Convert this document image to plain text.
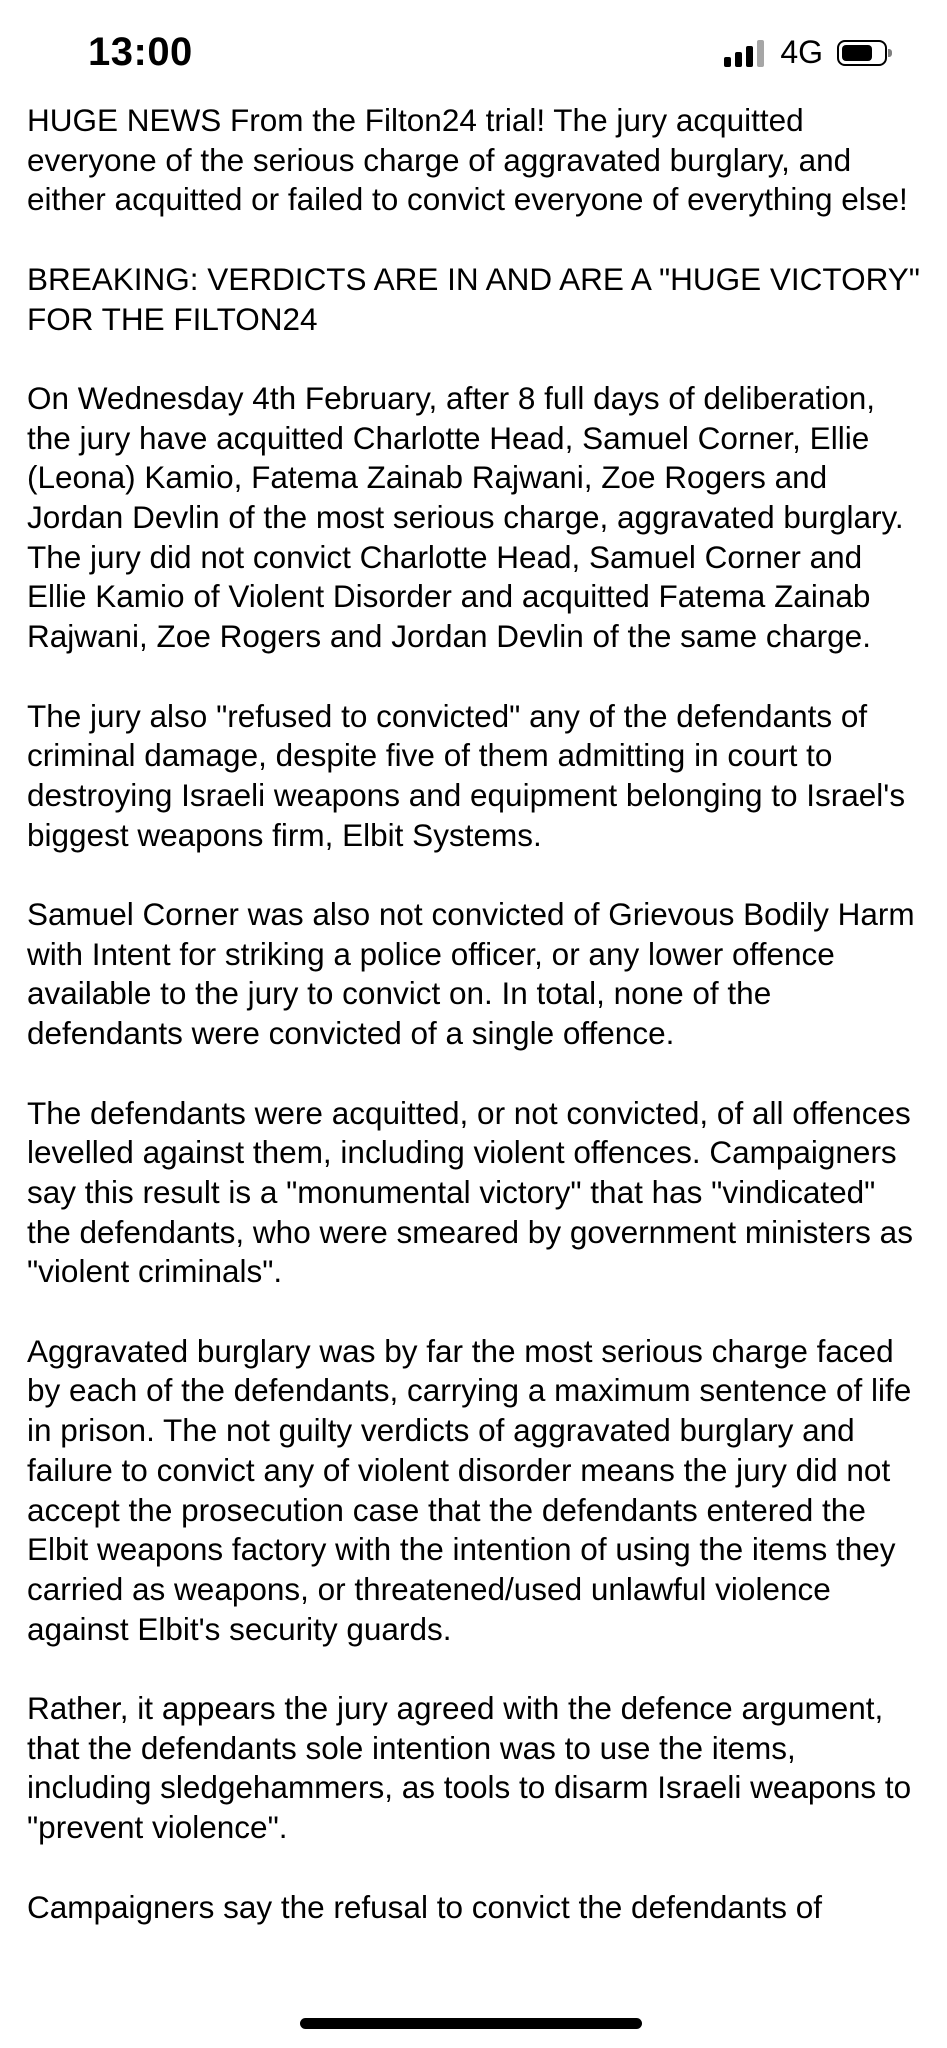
13:00	4G

HUGE NEWS From the Filton24 trial! The jury acquitted everyone of the serious charge of aggravated burglary, and either acquitted or failed to convict everyone of everything else!

BREAKING: VERDICTS ARE IN AND ARE A "HUGE VICTORY" FOR THE FILTON24

On Wednesday 4th February, after 8 full days of deliberation, the jury have acquitted Charlotte Head, Samuel Corner, Ellie (Leona) Kamio, Fatema Zainab Rajwani, Zoe Rogers and Jordan Devlin of the most serious charge, aggravated burglary. The jury did not convict Charlotte Head, Samuel Corner and Ellie Kamio of Violent Disorder and acquitted Fatema Zainab Rajwani, Zoe Rogers and Jordan Devlin of the same charge.

The jury also "refused to convicted" any of the defendants of criminal damage, despite five of them admitting in court to destroying Israeli weapons and equipment belonging to Israel's biggest weapons firm, Elbit Systems.

Samuel Corner was also not convicted of Grievous Bodily Harm with Intent for striking a police officer, or any lower offence available to the jury to convict on. In total, none of the defendants were convicted of a single offence.

The defendants were acquitted, or not convicted, of all offences levelled against them, including violent offences. Campaigners say this result is a "monumental victory" that has "vindicated" the defendants, who were smeared by government ministers as "violent criminals".

Aggravated burglary was by far the most serious charge faced by each of the defendants, carrying a maximum sentence of life in prison. The not guilty verdicts of aggravated burglary and failure to convict any of violent disorder means the jury did not accept the prosecution case that the defendants entered the Elbit weapons factory with the intention of using the items they carried as weapons, or threatened/used unlawful violence against Elbit's security guards.

Rather, it appears the jury agreed with the defence argument, that the defendants sole intention was to use the items, including sledgehammers, as tools to disarm Israeli weapons to "prevent violence".

Campaigners say the refusal to convict the defendants of
